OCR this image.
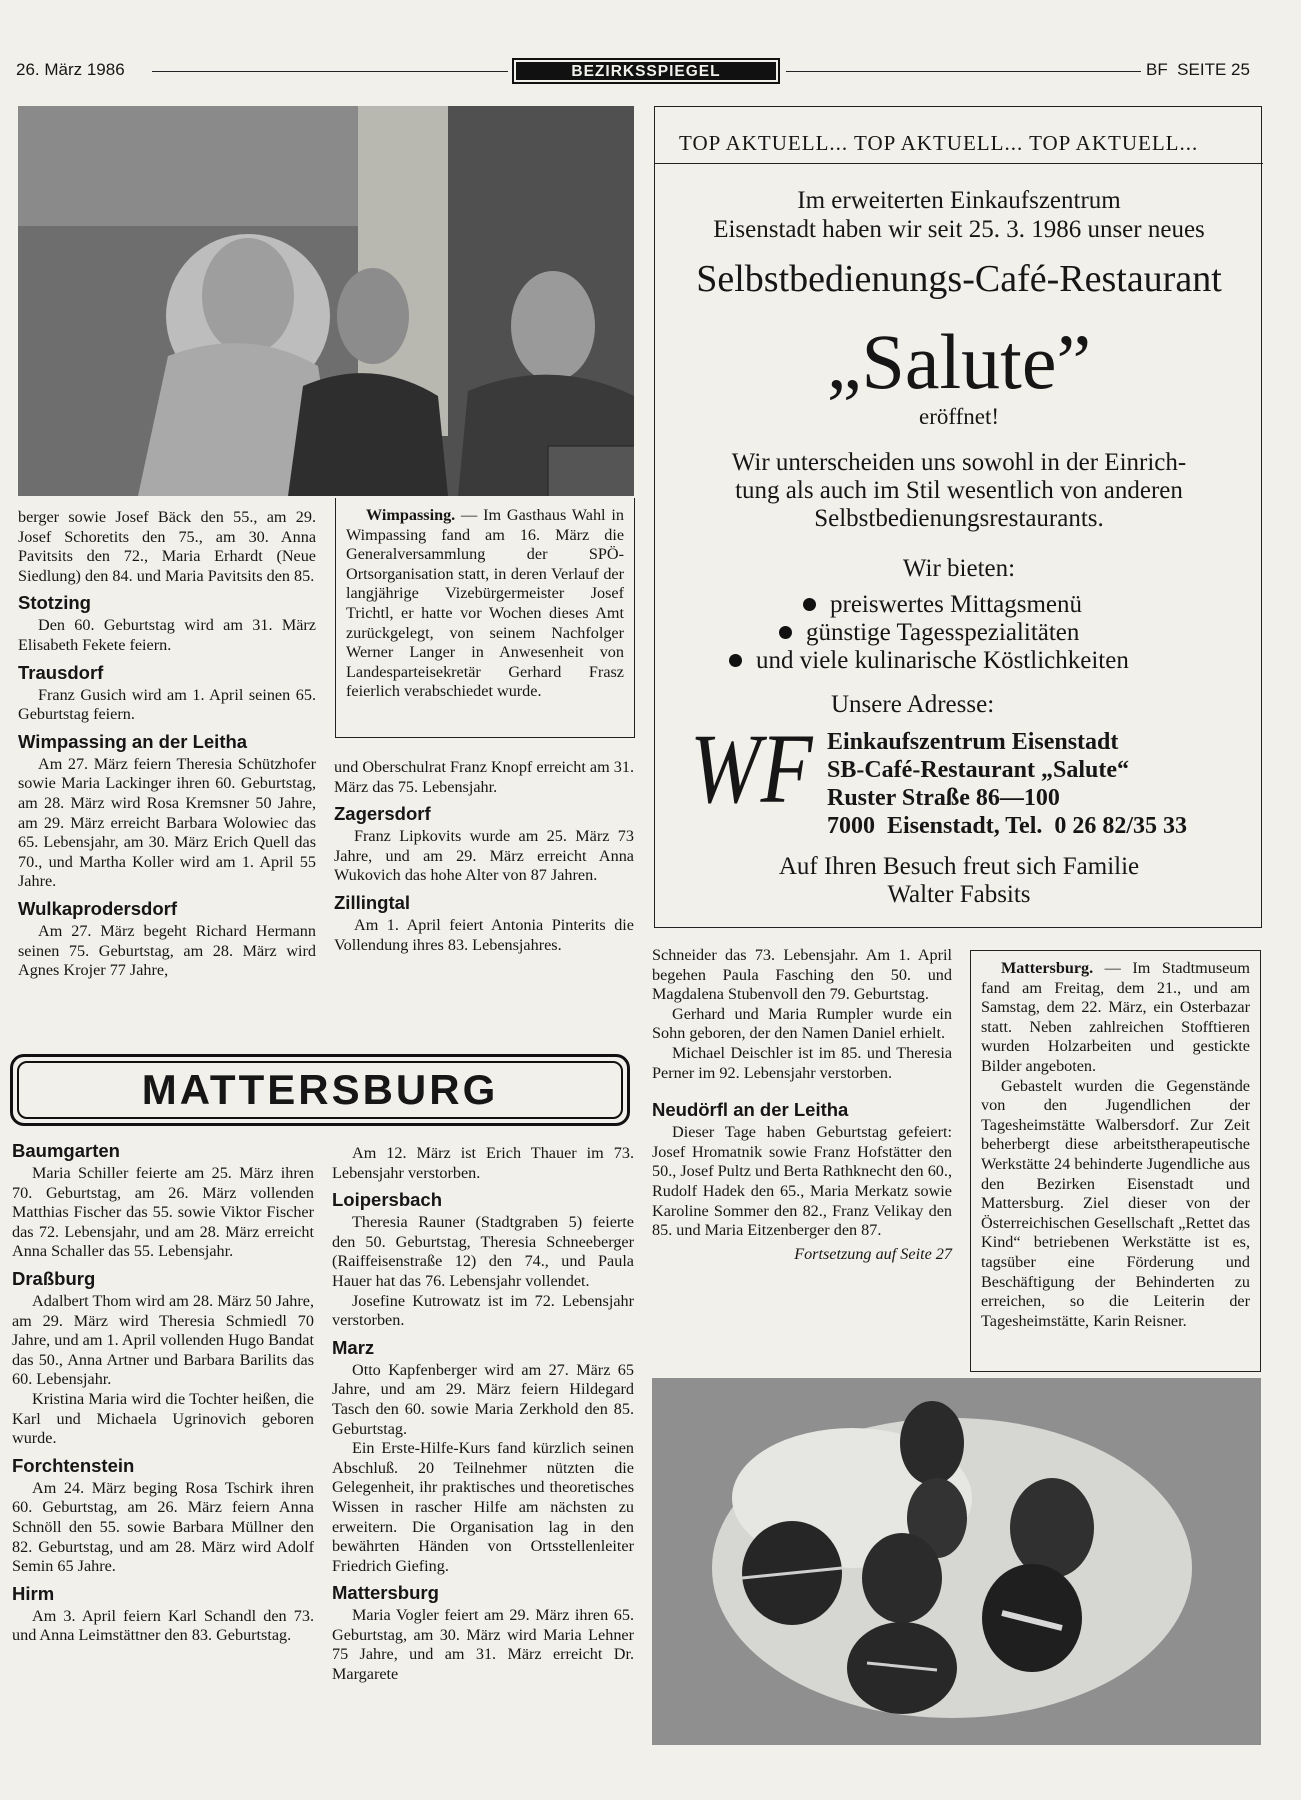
26. März 1986	BEZIRKSSPIEGEL	BF  SEITE 25

berger sowie Josef Bäck den 55., am 29. Josef Schoretits den 75., am 30. Anna Pavitsits den 72., Maria Erhardt (Neue Siedlung) den 84. und Maria Pavitsits den 85.

Stotzing

Den 60. Geburtstag wird am 31. März Elisabeth Fekete feiern.

Trausdorf

Franz Gusich wird am 1. April seinen 65. Geburtstag feiern.

Wimpassing an der Leitha

Am 27. März feiern Theresia Schützhofer sowie Maria Lackinger ihren 60. Geburtstag, am 28. März wird Rosa Kremsner 50 Jahre, am 29. März erreicht Barbara Wolowiec das 65. Lebensjahr, am 30. März Erich Quell das 70., und Martha Koller wird am 1. April 55 Jahre.

Wulkaprodersdorf

Am 27. März begeht Richard Hermann seinen 75. Geburtstag, am 28. März wird Agnes Krojer 77 Jahre,

Wimpassing. — Im Gasthaus Wahl in Wimpassing fand am 16. März die Generalversammlung der SPÖ-Ortsorganisation statt, in deren Verlauf der langjährige Vizebürgermeister Josef Trichtl, er hatte vor Wochen dieses Amt zurückgelegt, von seinem Nachfolger Werner Langer in Anwesenheit von Landesparteisekretär Gerhard Frasz feierlich verabschiedet wurde.

und Oberschulrat Franz Knopf erreicht am 31. März das 75. Lebensjahr.

Zagersdorf

Franz Lipkovits wurde am 25. März 73 Jahre, und am 29. März erreicht Anna Wukovich das hohe Alter von 87 Jahren.

Zillingtal

Am 1. April feiert Antonia Pinterits die Vollendung ihres 83. Lebensjahres.

TOP AKTUELL... TOP AKTUELL... TOP AKTUELL...
Im erweiterten Einkaufszentrum
Eisenstadt haben wir seit 25. 3. 1986 unser neues
Selbstbedienungs-Café-Restaurant
„Salute”
eröffnet!
Wir unterscheiden uns sowohl in der Einrich-
tung als auch im Stil wesentlich von anderen
Selbstbedienungsrestaurants.
Wir bieten:
preiswertes Mittagsmenü
günstige Tagesspezialitäten
und viele kulinarische Köstlichkeiten
Unsere Adresse:
WF Einkaufszentrum Eisenstadt
SB-Café-Restaurant „Salute“
Ruster Straße 86—100
7000  Eisenstadt, Tel.  0 26 82/35 33
Auf Ihren Besuch freut sich Familie
Walter Fabsits

Schneider das 73. Lebensjahr. Am 1. April begehen Paula Fasching den 50. und Magdalena Stubenvoll den 79. Geburtstag.

Gerhard und Maria Rumpler wurde ein Sohn geboren, der den Namen Daniel erhielt.

Michael Deischler ist im 85. und Theresia Perner im 92. Lebensjahr verstorben.

Neudörfl an der Leitha

Dieser Tage haben Geburtstag gefeiert: Josef Hromatnik sowie Franz Hofstätter den 50., Josef Pultz und Berta Rathknecht den 60., Rudolf Hadek den 65., Maria Merkatz sowie Karoline Sommer den 82., Franz Velikay den 85. und Maria Eitzenberger den 87.

Fortsetzung auf Seite 27

Mattersburg. — Im Stadtmuseum fand am Freitag, dem 21., und am Samstag, dem 22. März, ein Osterbazar statt. Neben zahlreichen Stofftieren wurden Holzarbeiten und gestickte Bilder angeboten.

Gebastelt wurden die Gegenstände von den Jugendlichen der Tagesheimstätte Walbersdorf. Zur Zeit beherbergt diese arbeitstherapeutische Werkstätte 24 behinderte Jugendliche aus den Bezirken Eisenstadt und Mattersburg. Ziel dieser von der Österreichischen Gesellschaft „Rettet das Kind“ betriebenen Werkstätte ist es, tagsüber eine Förderung und Beschäftigung der Behinderten zu erreichen, so die Leiterin der Tagesheimstätte, Karin Reisner.

MATTERSBURG
Baumgarten

Maria Schiller feierte am 25. März ihren 70. Geburtstag, am 26. März vollenden Matthias Fischer das 55. sowie Viktor Fischer das 72. Lebensjahr, und am 28. März erreicht Anna Schaller das 55. Lebensjahr.

Draßburg

Adalbert Thom wird am 28. März 50 Jahre, am 29. März wird Theresia Schmiedl 70 Jahre, und am 1. April vollenden Hugo Bandat das 50., Anna Artner und Barbara Barilits das 60. Lebensjahr.

Kristina Maria wird die Tochter heißen, die Karl und Michaela Ugrinovich geboren wurde.

Forchtenstein

Am 24. März beging Rosa Tschirk ihren 60. Geburtstag, am 26. März feiern Anna Schnöll den 55. sowie Barbara Müllner den 82. Geburtstag, und am 28. März wird Adolf Semin 65 Jahre.

Hirm

Am 3. April feiern Karl Schandl den 73. und Anna Leimstättner den 83. Geburtstag.

Am 12. März ist Erich Thauer im 73. Lebensjahr verstorben.

Loipersbach

Theresia Rauner (Stadtgraben 5) feierte den 50. Geburtstag, Theresia Schneeberger (Raiffeisenstraße 12) den 74., und Paula Hauer hat das 76. Lebensjahr vollendet.

Josefine Kutrowatz ist im 72. Lebensjahr verstorben.

Marz

Otto Kapfenberger wird am 27. März 65 Jahre, und am 29. März feiern Hildegard Tasch den 60. sowie Maria Zerkhold den 85. Geburtstag.

Ein Erste-Hilfe-Kurs fand kürzlich seinen Abschluß. 20 Teilnehmer nützten die Gelegenheit, ihr praktisches und theoretisches Wissen in rascher Hilfe am nächsten zu erweitern. Die Organisation lag in den bewährten Händen von Ortsstellenleiter Friedrich Giefing.

Mattersburg

Maria Vogler feiert am 29. März ihren 65. Geburtstag, am 30. März wird Maria Lehner 75 Jahre, und am 31. März erreicht Dr. Margarete
